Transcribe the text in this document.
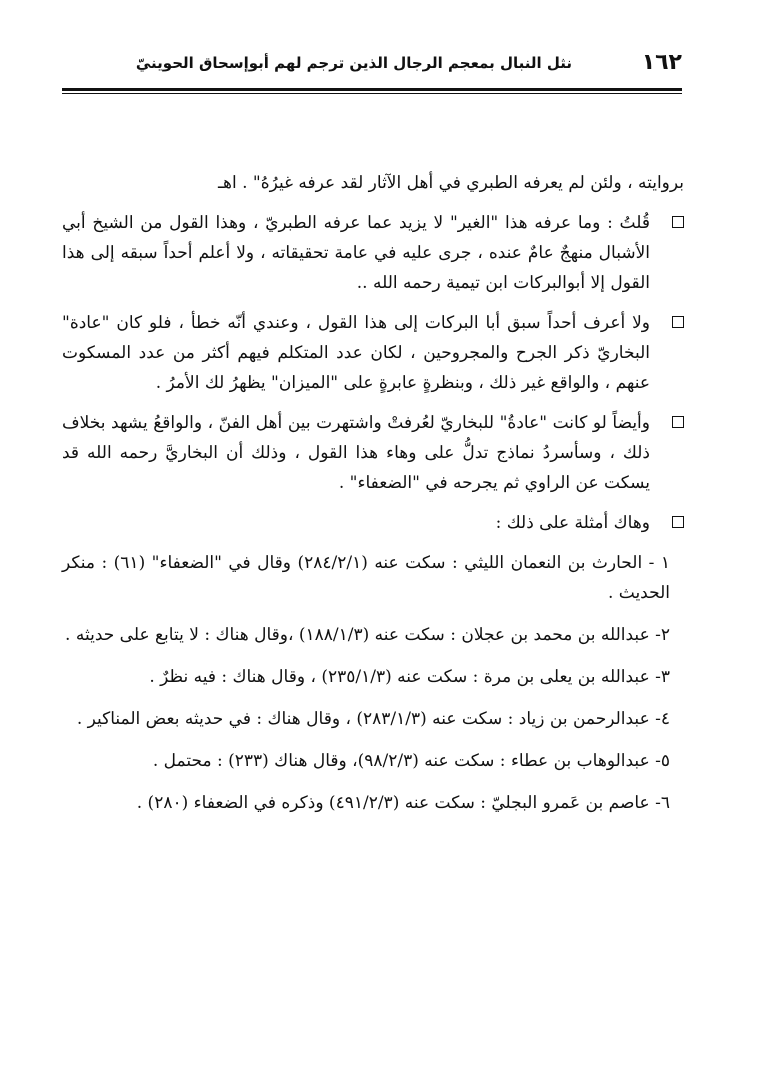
١٦٢
نثل النبال بمعجم الرجال الذين ترجم لهم أبوإسحاق الحوينيّ

بروايته ، ولئن لم يعرفه الطبري في أهل الآثار لقد عرفه غيرُهُ" . اهـ

قُلتُ : وما عرفه هذا "الغير" لا يزيد عما عرفه الطبريّ ، وهذا القول من الشيخ أبي الأشبال منهجٌ عامٌ عنده ، جرى عليه في عامة تحقيقاته ، ولا أعلم أحداً سبقه إلى هذا القول إلا أبوالبركات ابن تيمية رحمه الله ..
ولا أعرف أحداً سبق أبا البركات إلى هذا القول ، وعندي أنّه خطأ ، فلو كان "عادة" البخاريّ ذكر الجرح والمجروحين ، لكان عدد المتكلم فيهم أكثر من عدد المسكوت عنهم ، والواقع غير ذلك ، وبنظرةٍ عابرةٍ على "الميزان" يظهرُ لك الأمرُ .
وأيضاً لو كانت "عادةُ" للبخاريّ لعُرفتْ واشتهرت بين أهل الفنّ ، والواقعُ يشهد بخلاف ذلك ، وسأسردُ نماذج تدلُّ على وهاء هذا القول ، وذلك أن البخاريَّ رحمه الله قد يسكت عن الراوي ثم يجرحه في "الضعفاء" .
وهاك أمثلة على ذلك :

١ - الحارث بن النعمان الليثي : سكت عنه (٢٨٤/٢/١) وقال في "الضعفاء" (٦١) : منكر الحديث .

٢- عبدالله بن محمد بن عجلان : سكت عنه (١٨٨/١/٣) ،وقال هناك : لا يتابع على حديثه .

٣- عبدالله بن يعلى بن مرة : سكت عنه (٢٣٥/١/٣) ، وقال هناك : فيه نظرٌ .

٤- عبدالرحمن بن زياد : سكت عنه (٢٨٣/١/٣) ، وقال هناك : في حديثه بعض المناكير .

٥- عبدالوهاب بن عطاء : سكت عنه (٩٨/٢/٣)، وقال هناك (٢٣٣) : محتمل .

٦- عاصم بن عَمرو البجليّ : سكت عنه (٤٩١/٢/٣) وذكره في الضعفاء (٢٨٠) .
